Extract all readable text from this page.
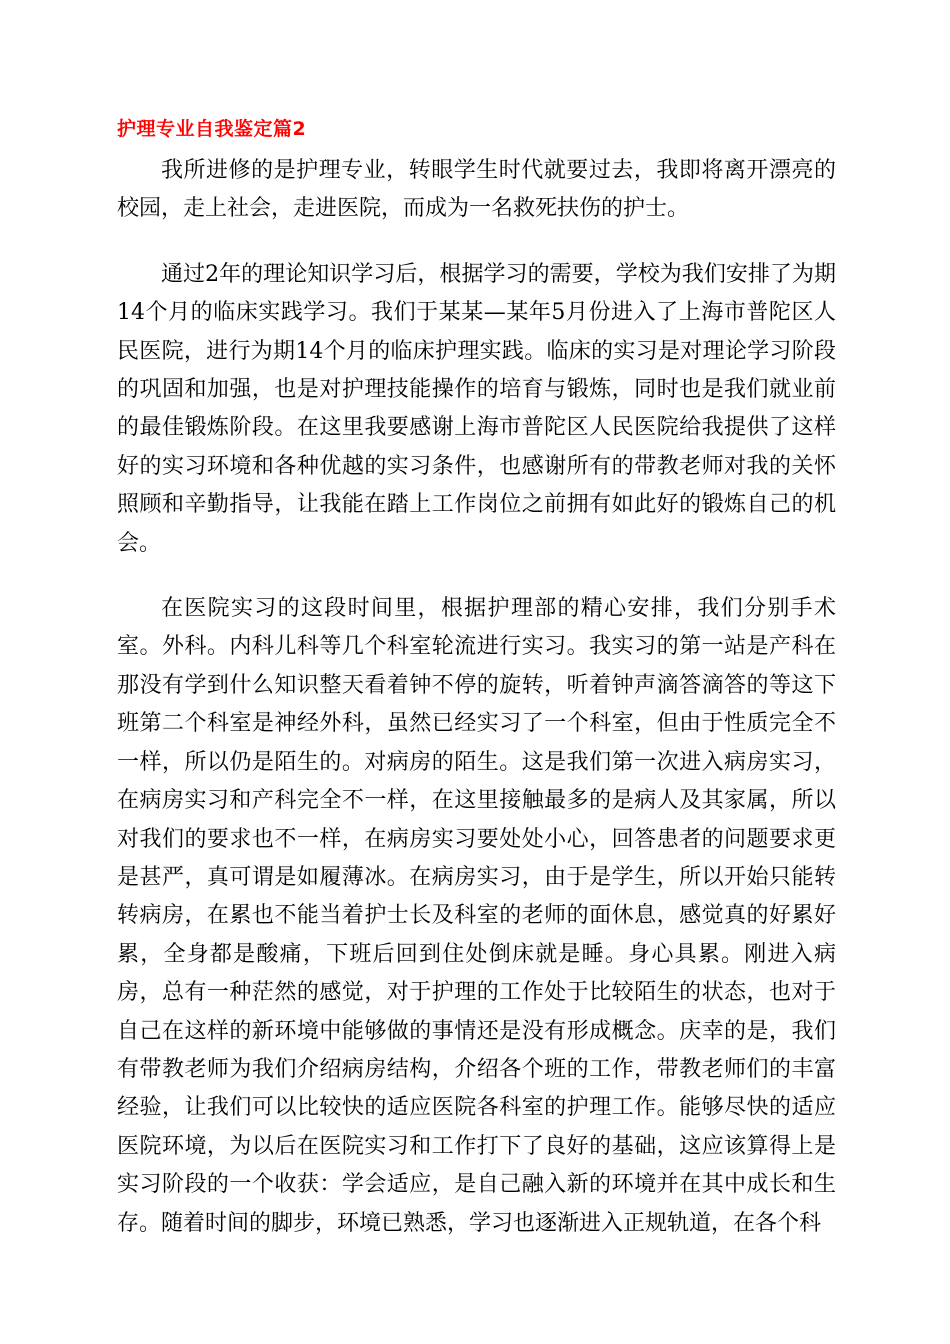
护理专业自我鉴定篇2

我所进修的是护理专业，转眼学生时代就要过去，我即将离开漂亮的校园，走上社会，走进医院，而成为一名救死扶伤的护士。

通过2年的理论知识学习后，根据学习的需要，学校为我们安排了为期14个月的临床实践学习。我们于某某—某年5月份进入了上海市普陀区人民医院，进行为期14个月的临床护理实践。临床的实习是对理论学习阶段的巩固和加强，也是对护理技能操作的培育与锻炼，同时也是我们就业前的最佳锻炼阶段。在这里我要感谢上海市普陀区人民医院给我提供了这样好的实习环境和各种优越的实习条件，也感谢所有的带教老师对我的关怀照顾和辛勤指导，让我能在踏上工作岗位之前拥有如此好的锻炼自己的机会。

在医院实习的这段时间里，根据护理部的精心安排，我们分别手术室。外科。内科儿科等几个科室轮流进行实习。我实习的第一站是产科在那没有学到什么知识整天看着钟不停的旋转，听着钟声滴答滴答的等这下班第二个科室是神经外科，虽然已经实习了一个科室，但由于性质完全不一样，所以仍是陌生的。对病房的陌生。这是我们第一次进入病房实习，在病房实习和产科完全不一样，在这里接触最多的是病人及其家属，所以对我们的要求也不一样，在病房实习要处处小心，回答患者的问题要求更是甚严，真可谓是如履薄冰。在病房实习，由于是学生，所以开始只能转转病房，在累也不能当着护士长及科室的老师的面休息，感觉真的好累好累，全身都是酸痛，下班后回到住处倒床就是睡。身心具累。刚进入病房，总有一种茫然的感觉，对于护理的工作处于比较陌生的状态，也对于自己在这样的新环境中能够做的事情还是没有形成概念。庆幸的是，我们有带教老师为我们介绍病房结构，介绍各个班的工作，带教老师们的丰富经验，让我们可以比较快的适应医院各科室的护理工作。能够尽快的适应医院环境，为以后在医院实习和工作打下了良好的基础，这应该算得上是实习阶段的一个收获：学会适应，是自己融入新的环境并在其中成长和生存。随着时间的脚步，环境已熟悉，学习也逐渐进入正规轨道，在各个科
